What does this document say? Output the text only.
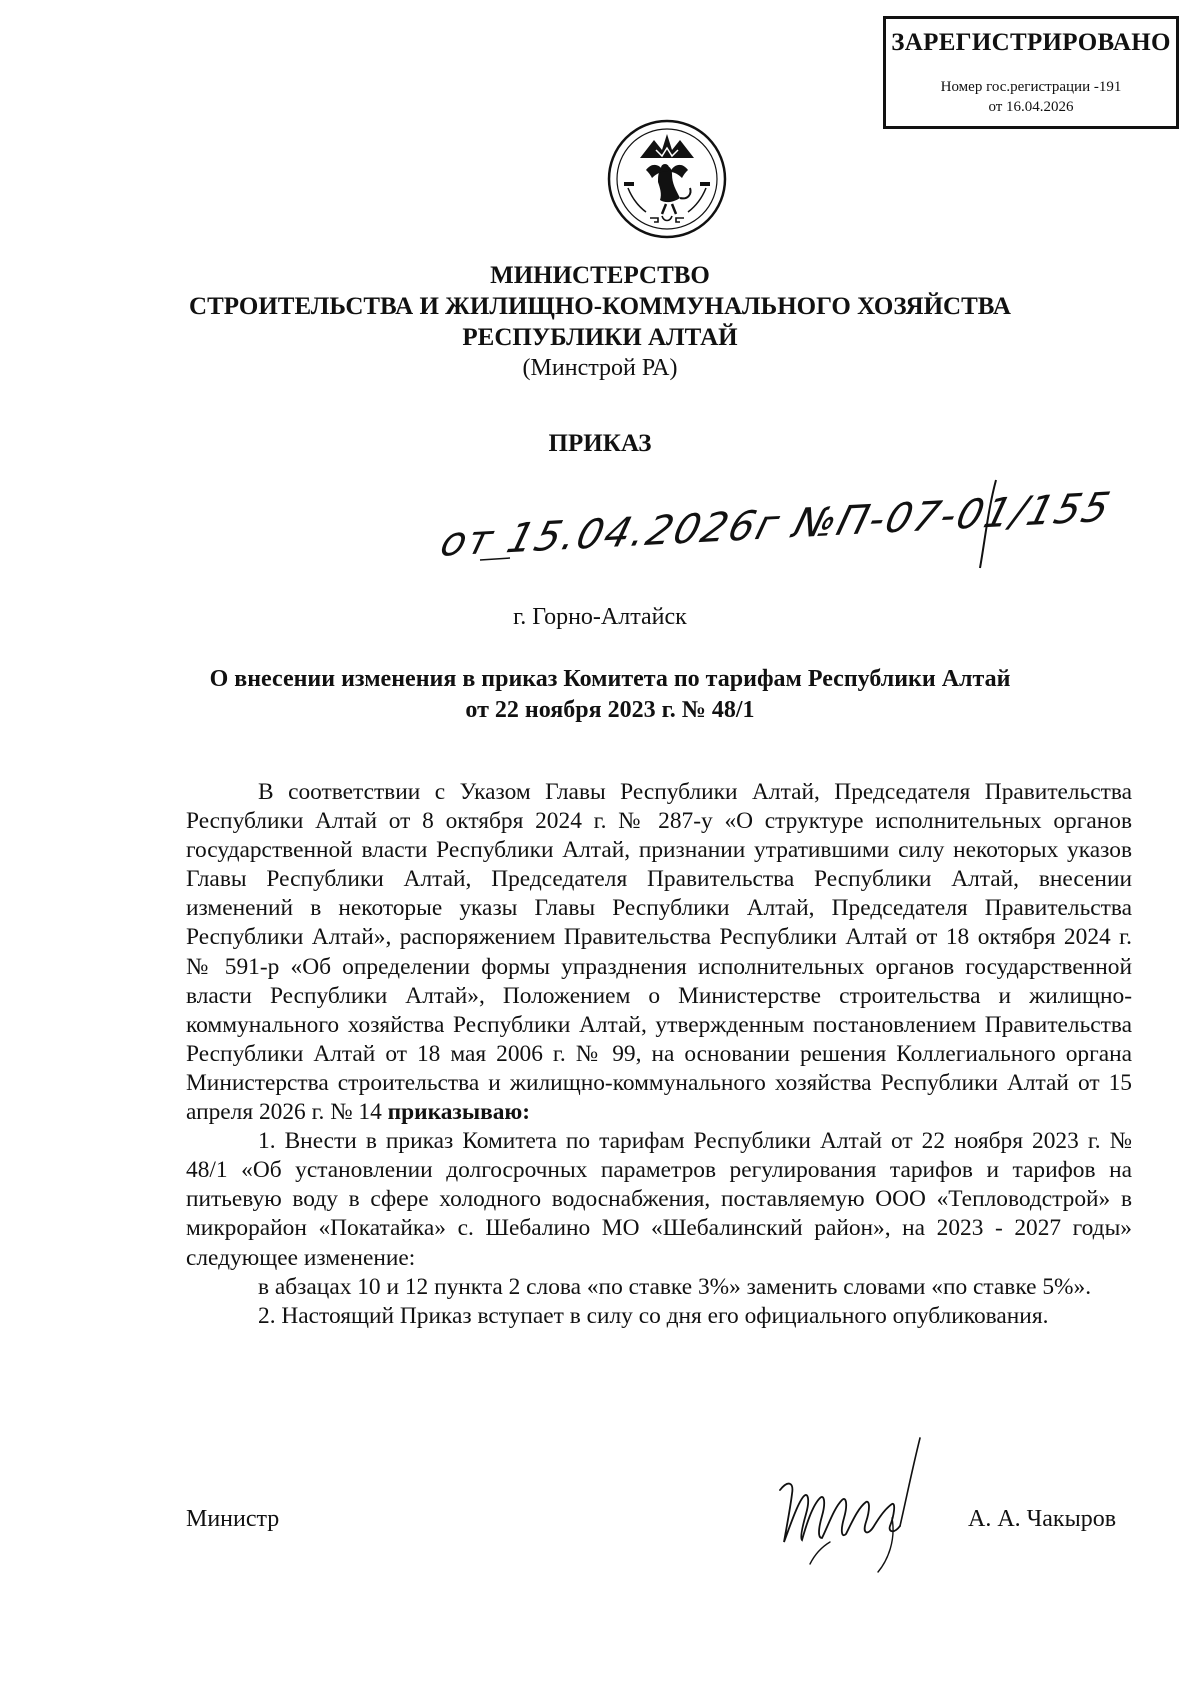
ЗАРЕГИСТРИРОВАНО
Номер гос.регистрации -191
от 16.04.2026
МИНИСТЕРСТВО
СТРОИТЕЛЬСТВА И ЖИЛИЩНО-КОММУНАЛЬНОГО ХОЗЯЙСТВА
РЕСПУБЛИКИ АЛТАЙ
(Минстрой РА)
ПРИКАЗ
от 15.04.2026г №П-07-01/155
г. Горно-Алтайск
О внесении изменения в приказ Комитета по тарифам Республики Алтай
от 22 ноября 2023 г. № 48/1

В соответствии с Указом Главы Республики Алтай, Председателя Правительства Республики Алтай от 8 октября 2024 г. № 287-у «О структуре исполнительных органов государственной власти Республики Алтай, признании утратившими силу некоторых указов Главы Республики Алтай, Председателя Правительства Республики Алтай, внесении изменений в некоторые указы Главы Республики Алтай, Председателя Правительства Республики Алтай», распоряжением Правительства Республики Алтай от 18 октября 2024 г. № 591-р «Об определении формы упразднения исполнительных органов государственной власти Республики Алтай», Положением о Министерстве строительства и жилищно-коммунального хозяйства Республики Алтай, утвержденным постановлением Правительства Республики Алтай от 18 мая 2006 г. № 99, на основании решения Коллегиального органа Министерства строительства и жилищно-коммунального хозяйства Республики Алтай от 15 апреля 2026 г. № 14 приказываю:

1. Внести в приказ Комитета по тарифам Республики Алтай от 22 ноября 2023 г. № 48/1 «Об установлении долгосрочных параметров регулирования тарифов и тарифов на питьевую воду в сфере холодного водоснабжения, поставляемую ООО «Тепловодстрой» в микрорайон «Покатайка» с. Шебалино МО «Шебалинский район», на 2023 - 2027 годы» следующее изменение:

в абзацах 10 и 12 пункта 2 слова «по ставке 3%» заменить словами «по ставке 5%».

2. Настоящий Приказ вступает в силу со дня его официального опубликования.

Министр	А. А. Чакыров
